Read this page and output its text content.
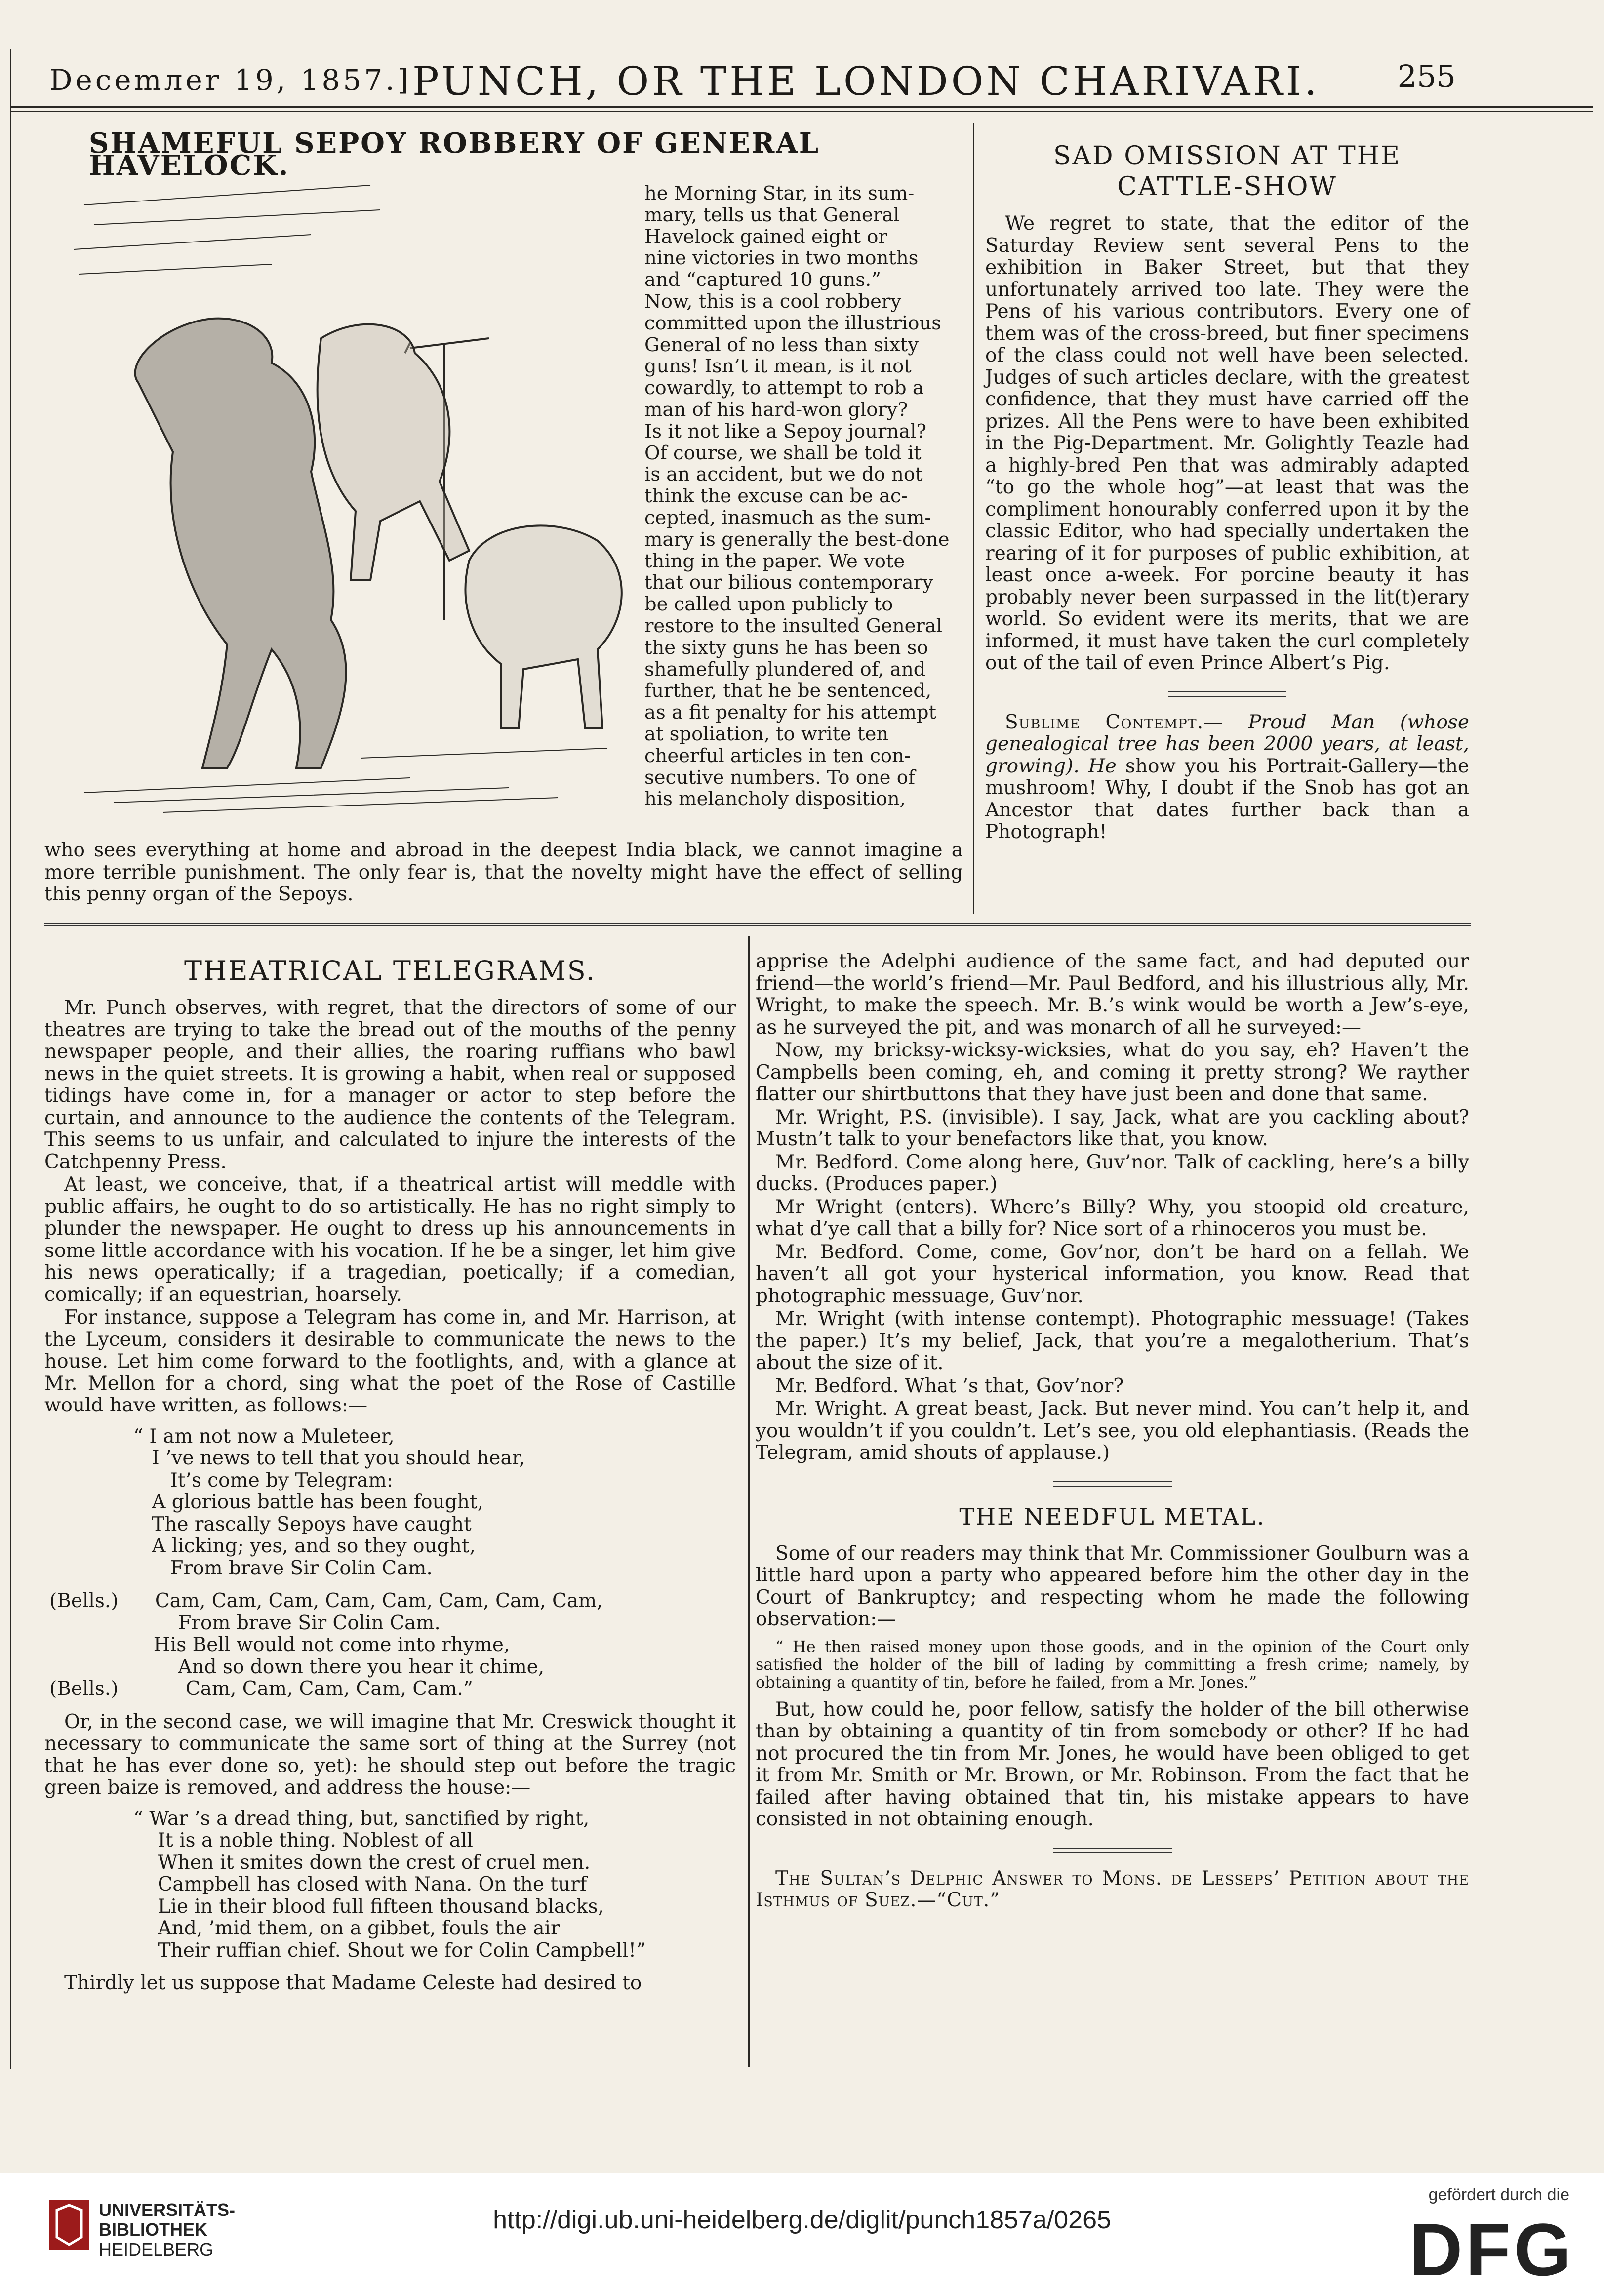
Decemлer 19, 1857.] PUNCH, OR THE LONDON CHARIVARI.	255
SHAMEFUL SEPOY ROBBERY OF GENERAL HAVELOCK.
he Morning Star, in its sum-
mary, tells us that General
Havelock gained eight or
nine victories in two months
and “captured 10 guns.”
Now, this is a cool robbery
committed upon the illustrious
General of no less than sixty
guns! Isn’t it mean, is it not
cowardly, to attempt to rob a
man of his hard-won glory?
Is it not like a Sepoy journal?
Of course, we shall be told it
is an accident, but we do not
think the excuse can be ac-
cepted, inasmuch as the sum-
mary is generally the best-done
thing in the paper. We vote
that our bilious contemporary
be called upon publicly to
restore to the insulted General
the sixty guns he has been so
shamefully plundered of, and
further, that he be sentenced,
as a fit penalty for his attempt
at spoliation, to write ten
cheerful articles in ten con-
secutive numbers. To one of
his melancholy disposition,

who sees everything at home and abroad in the deepest India black, we cannot imagine a more terrible punishment. The only fear is, that the novelty might have the effect of selling this penny organ of the Sepoys.

SAD OMISSION AT THE CATTLE-SHOW

We regret to state, that the editor of the Saturday Review sent several Pens to the exhibition in Baker Street, but that they unfortunately arrived too late. They were the Pens of his various contributors. Every one of them was of the cross-breed, but finer specimens of the class could not well have been selected. Judges of such articles declare, with the greatest confidence, that they must have carried off the prizes. All the Pens were to have been exhibited in the Pig-Department. Mr. Golightly Teazle had a highly-bred Pen that was admirably adapted “to go the whole hog”—at least that was the compliment honourably conferred upon it by the classic Editor, who had specially undertaken the rearing of it for purposes of public exhibition, at least once a-week. For porcine beauty it has probably never been surpassed in the lit(t)erary world. So evident were its merits, that we are informed, it must have taken the curl completely out of the tail of even Prince Albert’s Pig.

Sublime Contempt.— Proud Man (whose genealogical tree has been 2000 years, at least, growing). He show you his Portrait-Gallery—the mushroom! Why, I doubt if the Snob has got an Ancestor that dates further back than a Photograph!

THEATRICAL TELEGRAMS.

Mr. Punch observes, with regret, that the directors of some of our theatres are trying to take the bread out of the mouths of the penny newspaper people, and their allies, the roaring ruffians who bawl news in the quiet streets. It is growing a habit, when real or supposed tidings have come in, for a manager or actor to step before the curtain, and announce to the audience the contents of the Telegram. This seems to us unfair, and calculated to injure the interests of the Catchpenny Press.

At least, we conceive, that, if a theatrical artist will meddle with public affairs, he ought to do so artistically. He has no right simply to plunder the newspaper. He ought to dress up his announcements in some little accordance with his vocation. If he be a singer, let him give his news operatically; if a tragedian, poetically; if a comedian, comically; if an equestrian, hoarsely.

For instance, suppose a Telegram has come in, and Mr. Harrison, at the Lyceum, considers it desirable to communicate the news to the house. Let him come forward to the footlights, and, with a glance at Mr. Mellon for a chord, sing what the poet of the Rose of Castille would have written, as follows:—

“ I am not now a Muleteer,
I ’ve news to tell that you should hear,
It’s come by Telegram:
A glorious battle has been fought,
The rascally Sepoys have caught
A licking; yes, and so they ought,
From brave Sir Colin Cam.
(Bells.)      Cam, Cam, Cam, Cam, Cam, Cam, Cam, Cam,
From brave Sir Colin Cam.
His Bell would not come into rhyme,
And so down there you hear it chime,
(Bells.)           Cam, Cam, Cam, Cam, Cam.”

Or, in the second case, we will imagine that Mr. Creswick thought it necessary to communicate the same sort of thing at the Surrey (not that he has ever done so, yet): he should step out before the tragic green baize is removed, and address the house:—

“ War ’s a dread thing, but, sanctified by right,
It is a noble thing. Noblest of all
When it smites down the crest of cruel men.
Campbell has closed with Nana. On the turf
Lie in their blood full fifteen thousand blacks,
And, ’mid them, on a gibbet, fouls the air
Their ruffian chief. Shout we for Colin Campbell!”

Thirdly let us suppose that Madame Celeste had desired to

apprise the Adelphi audience of the same fact, and had deputed our friend—the world’s friend—Mr. Paul Bedford, and his illustrious ally, Mr. Wright, to make the speech. Mr. B.’s wink would be worth a Jew’s-eye, as he surveyed the pit, and was monarch of all he surveyed:—

Now, my bricksy-wicksy-wicksies, what do you say, eh? Haven’t the Campbells been coming, eh, and coming it pretty strong? We rayther flatter our shirtbuttons that they have just been and done that same.

Mr. Wright, P.S. (invisible). I say, Jack, what are you cackling about? Mustn’t talk to your benefactors like that, you know.

Mr. Bedford. Come along here, Guv’nor. Talk of cackling, here’s a billy ducks. (Produces paper.)

Mr Wright (enters). Where’s Billy? Why, you stoopid old creature, what d’ye call that a billy for? Nice sort of a rhinoceros you must be.

Mr. Bedford. Come, come, Gov’nor, don’t be hard on a fellah. We haven’t all got your hysterical information, you know. Read that photographic messuage, Guv’nor.

Mr. Wright (with intense contempt). Photographic messuage! (Takes the paper.) It’s my belief, Jack, that you’re a megalotherium. That’s about the size of it.

Mr. Bedford. What ’s that, Gov’nor?

Mr. Wright. A great beast, Jack. But never mind. You can’t help it, and you wouldn’t if you couldn’t. Let’s see, you old elephantiasis. (Reads the Telegram, amid shouts of applause.)

THE NEEDFUL METAL.

Some of our readers may think that Mr. Commissioner Goulburn was a little hard upon a party who appeared before him the other day in the Court of Bankruptcy; and respecting whom he made the following observation:—

“ He then raised money upon those goods, and in the opinion of the Court only satisfied the holder of the bill of lading by committing a fresh crime; namely, by obtaining a quantity of tin, before he failed, from a Mr. Jones.”

But, how could he, poor fellow, satisfy the holder of the bill otherwise than by obtaining a quantity of tin from somebody or other? If he had not procured the tin from Mr. Jones, he would have been obliged to get it from Mr. Smith or Mr. Brown, or Mr. Robinson. From the fact that he failed after having obtained that tin, his mistake appears to have consisted in not obtaining enough.

The Sultan’s Delphic Answer to Mons. de Lesseps’ Petition about the Isthmus of Suez.—“Cut.”

UNIVERSITÄTS-
BIBLIOTHEK
HEIDELBERG
http://digi.ub.uni-heidelberg.de/diglit/punch1857a/0265
gefördert durch die
DFG
